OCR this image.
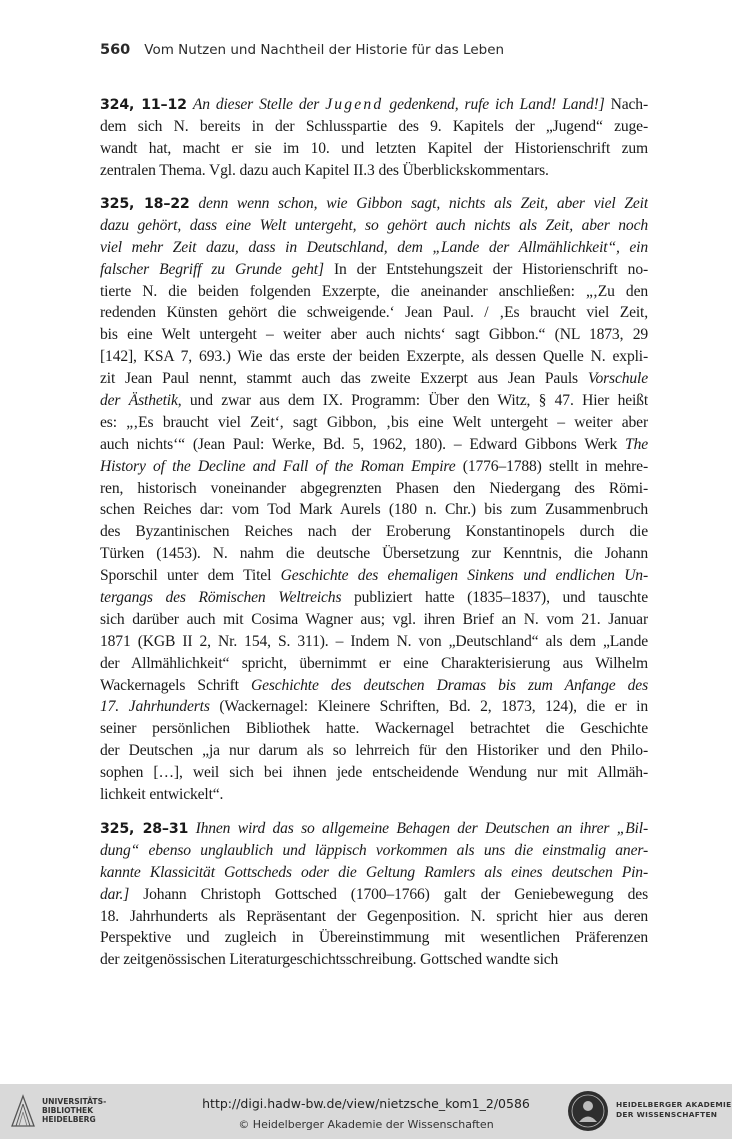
560 Vom Nutzen und Nachtheil der Historie für das Leben
324, 11–12 An dieser Stelle der Jugend gedenkend, rufe ich Land! Land!] Nach-
dem sich N. bereits in der Schlusspartie des 9. Kapitels der „Jugend“ zuge-
wandt hat, macht er sie im 10. und letzten Kapitel der Historienschrift zum
zentralen Thema. Vgl. dazu auch Kapitel II.3 des Überblickskommentars.
325, 18–22 denn wenn schon, wie Gibbon sagt, nichts als Zeit, aber viel Zeit
dazu gehört, dass eine Welt untergeht, so gehört auch nichts als Zeit, aber noch
viel mehr Zeit dazu, dass in Deutschland, dem „Lande der Allmählichkeit“, ein
falscher Begriff zu Grunde geht] In der Entstehungszeit der Historienschrift no-
tierte N. die beiden folgenden Exzerpte, die aneinander anschließen: „‚Zu den
redenden Künsten gehört die schweigende.‘ Jean Paul. / ‚Es braucht viel Zeit,
bis eine Welt untergeht – weiter aber auch nichts‘ sagt Gibbon.“ (NL 1873, 29
[142], KSA 7, 693.) Wie das erste der beiden Exzerpte, als dessen Quelle N. expli-
zit Jean Paul nennt, stammt auch das zweite Exzerpt aus Jean Pauls Vorschule
der Ästhetik, und zwar aus dem IX. Programm: Über den Witz, § 47. Hier heißt
es: „‚Es braucht viel Zeit‘, sagt Gibbon, ‚bis eine Welt untergeht – weiter aber
auch nichts‘“ (Jean Paul: Werke, Bd. 5, 1962, 180). – Edward Gibbons Werk The
History of the Decline and Fall of the Roman Empire (1776–1788) stellt in mehre-
ren, historisch voneinander abgegrenzten Phasen den Niedergang des Römi-
schen Reiches dar: vom Tod Mark Aurels (180 n. Chr.) bis zum Zusammenbruch
des Byzantinischen Reiches nach der Eroberung Konstantinopels durch die
Türken (1453). N. nahm die deutsche Übersetzung zur Kenntnis, die Johann
Sporschil unter dem Titel Geschichte des ehemaligen Sinkens und endlichen Un-
tergangs des Römischen Weltreichs publiziert hatte (1835–1837), und tauschte
sich darüber auch mit Cosima Wagner aus; vgl. ihren Brief an N. vom 21. Januar
1871 (KGB II 2, Nr. 154, S. 311). – Indem N. von „Deutschland“ als dem „Lande
der Allmählichkeit“ spricht, übernimmt er eine Charakterisierung aus Wilhelm
Wackernagels Schrift Geschichte des deutschen Dramas bis zum Anfange des
17. Jahrhunderts (Wackernagel: Kleinere Schriften, Bd. 2, 1873, 124), die er in
seiner persönlichen Bibliothek hatte. Wackernagel betrachtet die Geschichte
der Deutschen „ja nur darum als so lehrreich für den Historiker und den Philo-
sophen […], weil sich bei ihnen jede entscheidende Wendung nur mit Allmäh-
lichkeit entwickelt“.
325, 28–31 Ihnen wird das so allgemeine Behagen der Deutschen an ihrer „Bil-
dung“ ebenso unglaublich und läppisch vorkommen als uns die einstmalig aner-
kannte Klassicität Gottscheds oder die Geltung Ramlers als eines deutschen Pin-
dar.] Johann Christoph Gottsched (1700–1766) galt der Geniebewegung des
18. Jahrhunderts als Repräsentant der Gegenposition. N. spricht hier aus deren
Perspektive und zugleich in Übereinstimmung mit wesentlichen Präferenzen
der zeitgenössischen Literaturgeschichtsschreibung. Gottsched wandte sich
UNIVERSITÄTS-
BIBLIOTHEK
HEIDELBERG
http://digi.hadw-bw.de/view/nietzsche_kom1_2/0586
© Heidelberger Akademie der Wissenschaften
HEIDELBERGER AKADEMIE
DER WISSENSCHAFTEN
